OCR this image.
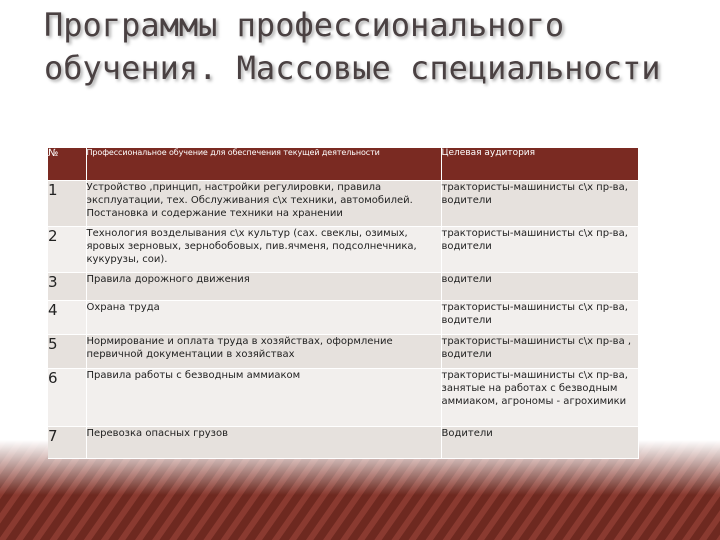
Программы профессионального обучения. Массовые специальности
№	Профессиональное обучение для обеспечения текущей деятельности	Целевая аудитория
1	Устройство ,принцип, настройки регулировки, правила эксплуатации, тех. Обслуживания с\х техники, автомобилей. Постановка и содержание техники на хранении	трактористы-машинисты с\х пр-ва, водители
2	Технология возделывания с\х культур (сах. свеклы, озимых, яровых зерновых, зернобобовых, пив.ячменя, подсолнечника, кукурузы, сои).	трактористы-машинисты с\х пр-ва, водители
3	Правила дорожного движения	водители
4	Охрана труда	трактористы-машинисты с\х пр-ва, водители
5	Нормирование и оплата труда в хозяйствах, оформление первичной документации в хозяйствах	трактористы-машинисты с\х пр-ва , водители
6	Правила работы с безводным аммиаком	трактористы-машинисты с\х пр-ва, занятые на работах с безводным аммиаком, агрономы - агрохимики
7	Перевозка опасных грузов	Водители
